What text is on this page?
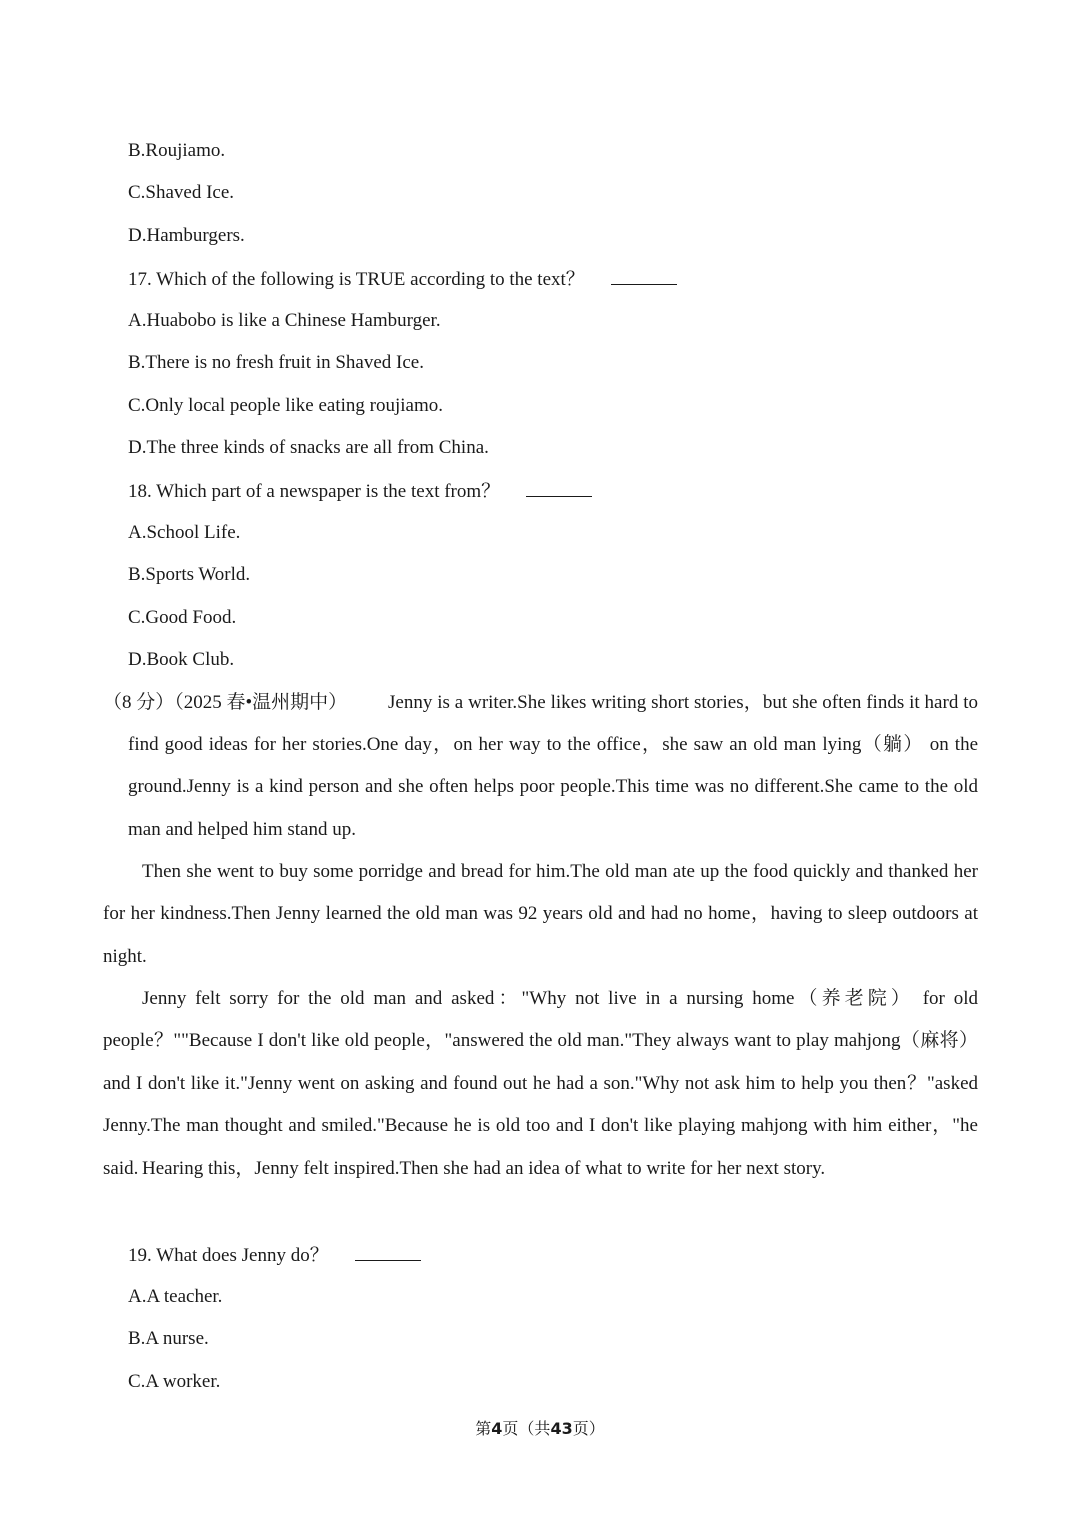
B.Roujiamo.
C.Shaved Ice.
D.Hamburgers.
17. Which of the following is TRUE according to the text？
A.Huabobo is like a Chinese Hamburger.
B.There is no fresh fruit in Shaved Ice.
C.Only local people like eating roujiamo.
D.The three kinds of snacks are all from China.
18. Which part of a newspaper is the text from？
A.School Life.
B.Sports World.
C.Good Food.
D.Book Club.
（8 分）（2025 春•温州期中） Jenny is a writer.She likes writing short stories，but she often finds it hard to
find good ideas for her stories.One day，on her way to the office，she saw an old man lying（躺） on the ground.Jenny is a kind person and she often helps poor people.This time was no different.She came to the old man and helped him stand up.
Then she went to buy some porridge and bread for him.The old man ate up the food quickly and thanked her for her kindness.Then Jenny learned the old man was 92 years old and had no home，having to sleep outdoors at night.
Jenny felt sorry for the old man and asked："Why not live in a nursing home（养老院） for old people？""Because I don't like old people，"answered the old man."They always want to play mahjong（麻将） and I don't like it."Jenny went on asking and found out he had a son."Why not ask him to help you then？"asked Jenny.The man thought and smiled."Because he is old too and I don't like playing mahjong with him either，"he said. Hearing this，Jenny felt inspired.Then she had an idea of what to write for her next story.
19. What does Jenny do？
A.A teacher.
B.A nurse.
C.A worker.
第4页（共43页）
